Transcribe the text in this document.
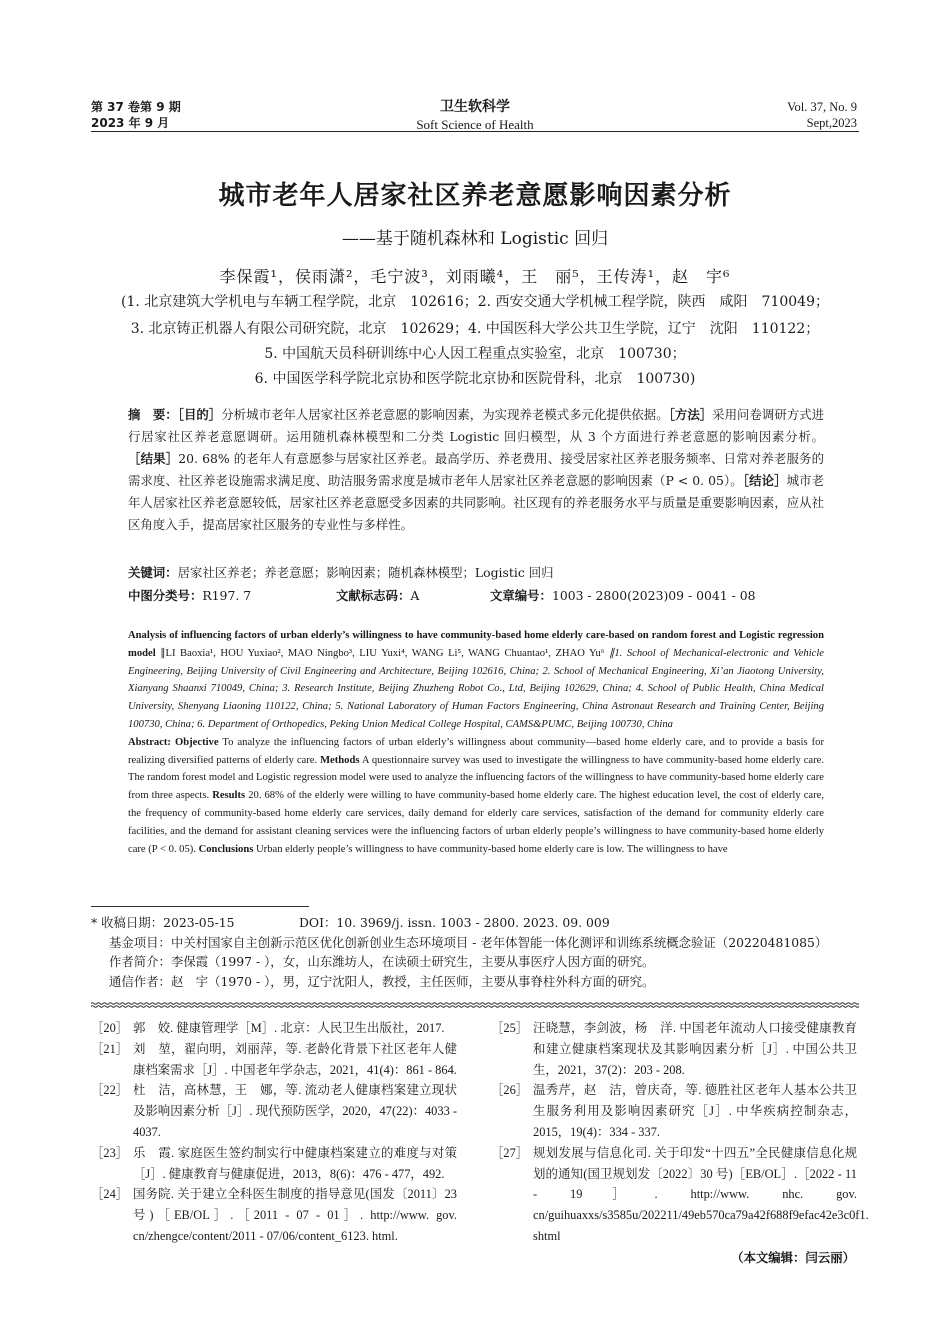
第 37 卷第 9 期
2023 年 9 月
卫生软科学
Soft Science of Health
Vol. 37, No. 9
Sept,2023
城市老年人居家社区养老意愿影响因素分析
——基于随机森林和 Logistic 回归
李保霞¹，侯雨潇²，毛宁波³，刘雨曦⁴，王　丽⁵，王传涛¹，赵　宇⁶
(1. 北京建筑大学机电与车辆工程学院，北京　102616；2. 西安交通大学机械工程学院，陕西　咸阳　710049；
3. 北京铸正机器人有限公司研究院，北京　102629；4. 中国医科大学公共卫生学院，辽宁　沈阳　110122；
5. 中国航天员科研训练中心人因工程重点实验室，北京　100730；
6. 中国医学科学院北京协和医学院北京协和医院骨科，北京　100730)
摘　要：［目的］分析城市老年人居家社区养老意愿的影响因素，为实现养老模式多元化提供依据。［方法］采用问卷调研方式进行居家社区养老意愿调研。运用随机森林模型和二分类 Logistic 回归模型，从 3 个方面进行养老意愿的影响因素分析。［结果］20. 68% 的老年人有意愿参与居家社区养老。最高学历、养老费用、接受居家社区养老服务频率、日常对养老服务的需求度、社区养老设施需求满足度、助洁服务需求度是城市老年人居家社区养老意愿的影响因素（P < 0. 05）。［结论］城市老年人居家社区养老意愿较低，居家社区养老意愿受多因素的共同影响。社区现有的养老服务水平与质量是重要影响因素，应从社区角度入手，提高居家社区服务的专业性与多样性。
关键词：居家社区养老；养老意愿；影响因素；随机森林模型；Logistic 回归
中图分类号：R197. 7	文献标志码：A	文章编号：1003 - 2800(2023)09 - 0041 - 08
Analysis of influencing factors of urban elderly’s willingness to have community-based home elderly care-based on random forest and Logistic regression model ∥LI Baoxia¹, HOU Yuxiao², MAO Ningbo³, LIU Yuxi⁴, WANG Li⁵, WANG Chuantao¹, ZHAO Yu⁶ ∥1. School of Mechanical-electronic and Vehicle Engineering, Beijing University of Civil Engineering and Architecture, Beijing 102616, China; 2. School of Mechanical Engineering, Xi’an Jiaotong University, Xianyang Shaanxi 710049, China; 3. Research Institute, Beijing Zhuzheng Robot Co., Ltd, Beijing 102629, China; 4. School of Public Health, China Medical University, Shenyang Liaoning 110122, China; 5. National Laboratory of Human Factors Engineering, China Astronaut Research and Training Center, Beijing 100730, China; 6. Department of Orthopedics, Peking Union Medical College Hospital, CAMS&PUMC, Beijing 100730, China
Abstract: Objective To analyze the influencing factors of urban elderly’s willingness about community—based home elderly care, and to provide a basis for realizing diversified patterns of elderly care. Methods A questionnaire survey was used to investigate the willingness to have community-based home elderly care. The random forest model and Logistic regression model were used to analyze the influencing factors of the willingness to have community-based home elderly care from three aspects. Results 20. 68% of the elderly were willing to have community-based home elderly care. The highest education level, the cost of elderly care, the frequency of community-based home elderly care services, daily demand for elderly care services, satisfaction of the demand for community elderly care facilities, and the demand for assistant cleaning services were the influencing factors of urban elderly people’s willingness to have community-based home elderly care (P < 0. 05). Conclusions Urban elderly people’s willingness to have community-based home elderly care is low. The willingness to have
* 收稿日期：2023-05-15	DOI：10. 3969/j. issn. 1003 - 2800. 2023. 09. 009
基金项目：中关村国家自主创新示范区优化创新创业生态环境项目 - 老年体智能一体化测评和训练系统概念验证（20220481085）
作者简介：李保霞（1997 - ），女，山东潍坊人，在读硕士研究生，主要从事医疗人因方面的研究。
通信作者：赵　宇（1970 - ），男，辽宁沈阳人，教授，主任医师，主要从事脊柱外科方面的研究。
［20］ 郭　姣. 健康管理学［M］. 北京：人民卫生出版社，2017.
［21］ 刘　堃，翟向明，刘丽萍，等. 老龄化背景下社区老年人健康档案需求［J］. 中国老年学杂志，2021，41(4)：861 - 864.
［22］ 杜　洁，高林慧，王　娜，等. 流动老人健康档案建立现状及影响因素分析［J］. 现代预防医学，2020，47(22)：4033 - 4037.
［23］ 乐　霞. 家庭医生签约制实行中健康档案建立的难度与对策［J］. 健康教育与健康促进，2013，8(6)：476 - 477，492.
［24］ 国务院. 关于建立全科医生制度的指导意见(国发〔2011〕23 号)［EB/OL］.［2011 - 07 - 01］. http://www. gov. cn/zhengce/content/2011 - 07/06/content_6123. html.
［25］ 汪晓慧，李剑波，杨　洋. 中国老年流动人口接受健康教育和建立健康档案现状及其影响因素分析［J］. 中国公共卫生，2021，37(2)：203 - 208.
［26］ 温秀芹，赵　洁，曾庆奇，等. 德胜社区老年人基本公共卫生服务利用及影响因素研究［J］. 中华疾病控制杂志，2015，19(4)：334 - 337.
［27］ 规划发展与信息化司. 关于印发“十四五”全民健康信息化规划的通知(国卫规划发〔2022〕30 号)［EB/OL］.［2022 - 11 - 19］. http://www. nhc. gov. cn/guihuaxxs/s3585u/202211/49eb570ca79a42f688f9efac42e3c0f1. shtml
（本文编辑：闫云丽）
